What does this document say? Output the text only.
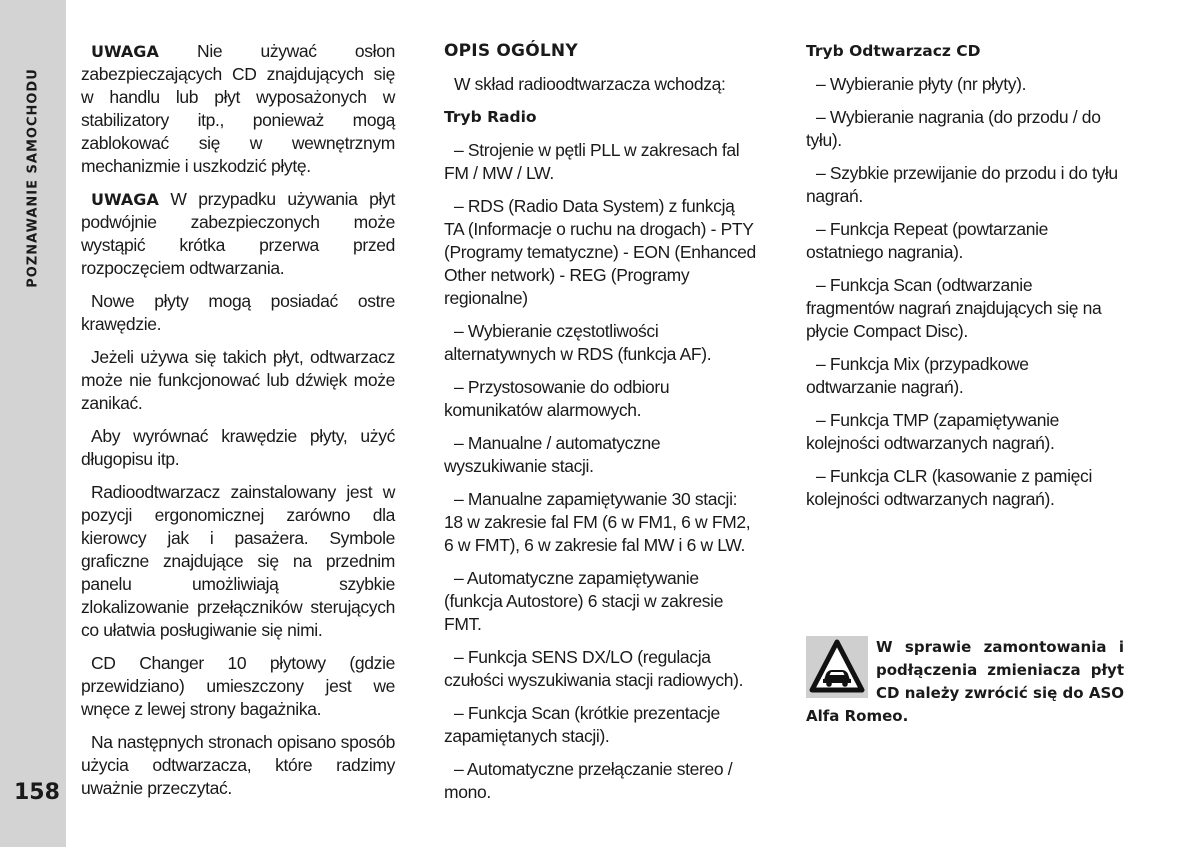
POZNAWANIE SAMOCHODU
158

UWAGA Nie używać osłon zabezpieczających CD znajdujących się w handlu lub płyt wyposażonych w stabilizatory itp., ponieważ mogą zablokować się w wewnętrznym mechanizmie i uszkodzić płytę.

UWAGA W przypadku używania płyt podwójnie zabezpieczonych może wystąpić krótka przerwa przed rozpoczęciem odtwarzania.

Nowe płyty mogą posiadać ostre krawędzie.

Jeżeli używa się takich płyt, odtwarzacz może nie funkcjonować lub dźwięk może zanikać.

Aby wyrównać krawędzie płyty, użyć długopisu itp.

Radioodtwarzacz zainstalowany jest w pozycji ergonomicznej zarówno dla kierowcy jak i pasażera. Symbole graficzne znajdujące się na przednim panelu umożliwiają szybkie zlokalizowanie przełączników sterujących co ułatwia posługiwanie się nimi.

CD Changer 10 płytowy (gdzie przewidziano) umieszczony jest we wnęce z lewej strony bagażnika.

Na następnych stronach opisano sposób użycia odtwarzacza, które radzimy uważnie przeczytać.

OPIS OGÓLNY

W skład radioodtwarzacza wchodzą:

Tryb Radio

– Strojenie w pętli PLL w zakresach fal FM / MW / LW.

– RDS (Radio Data System) z funkcją TA (Informacje o ruchu na drogach) - PTY (Programy tematyczne) - EON (Enhanced Other network) - REG (Programy regionalne)

– Wybieranie częstotliwości alternatywnych w RDS (funkcja AF).

– Przystosowanie do odbioru komunikatów alarmowych.

– Manualne / automatyczne wyszukiwanie stacji.

– Manualne zapamiętywanie 30 stacji: 18 w zakresie fal FM (6 w FM1, 6 w FM2, 6 w FMT), 6 w zakresie fal MW i 6 w LW.

– Automatyczne zapamiętywanie (funkcja Autostore) 6 stacji w zakresie FMT.

– Funkcja SENS DX/LO (regulacja czułości wyszukiwania stacji radiowych).

– Funkcja Scan (krótkie prezentacje zapamiętanych stacji).

– Automatyczne przełączanie stereo / mono.

Tryb Odtwarzacz CD

– Wybieranie płyty (nr płyty).

– Wybieranie nagrania (do przodu / do tyłu).

– Szybkie przewijanie do przodu i do tyłu nagrań.

– Funkcja Repeat (powtarzanie ostatniego nagrania).

– Funkcja Scan (odtwarzanie fragmentów nagrań znajdujących się na płycie Compact Disc).

– Funkcja Mix (przypadkowe odtwarzanie nagrań).

– Funkcja TMP (zapamiętywanie kolejności odtwarzanych nagrań).

– Funkcja CLR (kasowanie z pamięci kolejności odtwarzanych nagrań).

W sprawie zamontowania i podłączenia zmieniacza płyt CD należy zwrócić się do ASO Alfa Romeo.
